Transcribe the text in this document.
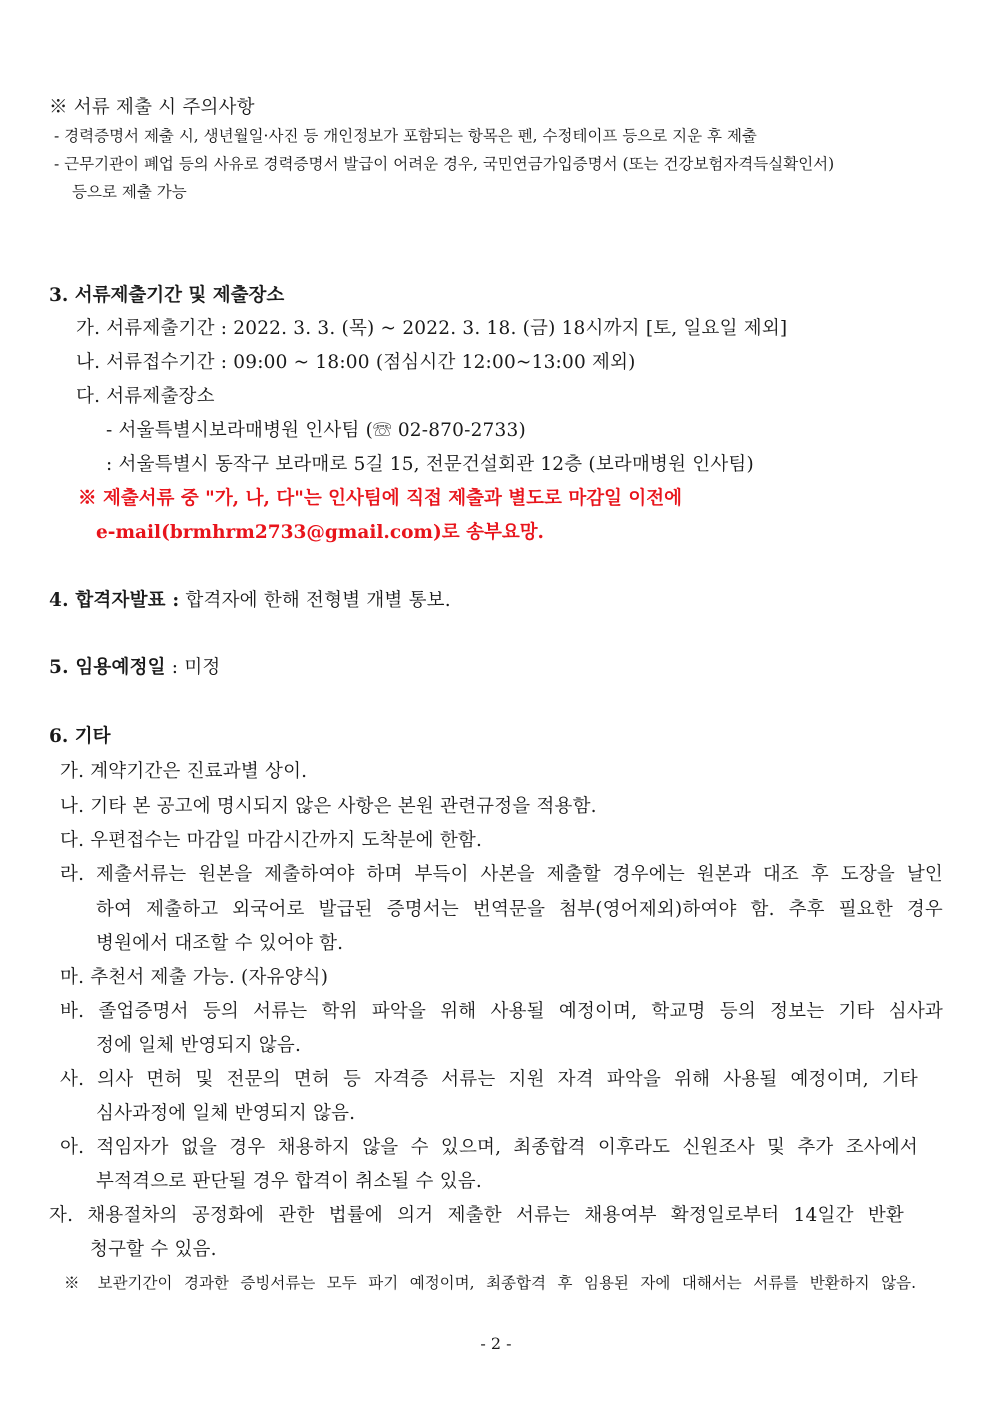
※ 서류 제출 시 주의사항
- 경력증명서 제출 시, 생년월일·사진 등 개인정보가 포함되는 항목은 펜, 수정테이프 등으로 지운 후 제출
- 근무기관이 폐업 등의 사유로 경력증명서 발급이 어려운 경우, 국민연금가입증명서 (또는 건강보험자격득실확인서)
등으로 제출 가능
3. 서류제출기간 및 제출장소
가. 서류제출기간 : 2022. 3. 3. (목) ~ 2022. 3. 18. (금) 18시까지 [토, 일요일 제외]
나. 서류접수기간 : 09:00 ~ 18:00 (점심시간 12:00~13:00 제외)
다. 서류제출장소
- 서울특별시보라매병원 인사팀 (☏ 02-870-2733)
: 서울특별시 동작구 보라매로 5길 15, 전문건설회관 12층 (보라매병원 인사팀)
※ 제출서류 중 "가, 나, 다"는 인사팀에 직접 제출과 별도로 마감일 이전에
e-mail(brmhrm2733@gmail.com)로 송부요망.
4. 합격자발표 : 합격자에 한해 전형별 개별 통보.
5. 임용예정일 : 미정
6. 기타
가. 계약기간은 진료과별 상이.
나. 기타 본 공고에 명시되지 않은 사항은 본원 관련규정을 적용함.
다. 우편접수는 마감일 마감시간까지 도착분에 한함.
라. 제출서류는 원본을 제출하여야 하며 부득이 사본을 제출할 경우에는 원본과 대조 후 도장을 날인
하여 제출하고 외국어로 발급된 증명서는 번역문을 첨부(영어제외)하여야 함. 추후 필요한 경우
병원에서 대조할 수 있어야 함.
마. 추천서 제출 가능. (자유양식)
바. 졸업증명서 등의 서류는 학위 파악을 위해 사용될 예정이며, 학교명 등의 정보는 기타 심사과
정에 일체 반영되지 않음.
사. 의사 면허 및 전문의 면허 등 자격증 서류는 지원 자격 파악을 위해 사용될 예정이며, 기타
심사과정에 일체 반영되지 않음.
아. 적임자가 없을 경우 채용하지 않을 수 있으며, 최종합격 이후라도 신원조사 및 추가 조사에서
부적격으로 판단될 경우 합격이 취소될 수 있음.
자. 채용절차의 공정화에 관한 법률에 의거 제출한 서류는 채용여부 확정일로부터 14일간 반환
청구할 수 있음.
※ 보관기간이 경과한 증빙서류는 모두 파기 예정이며, 최종합격 후 임용된 자에 대해서는 서류를 반환하지 않음.
- 2 -
